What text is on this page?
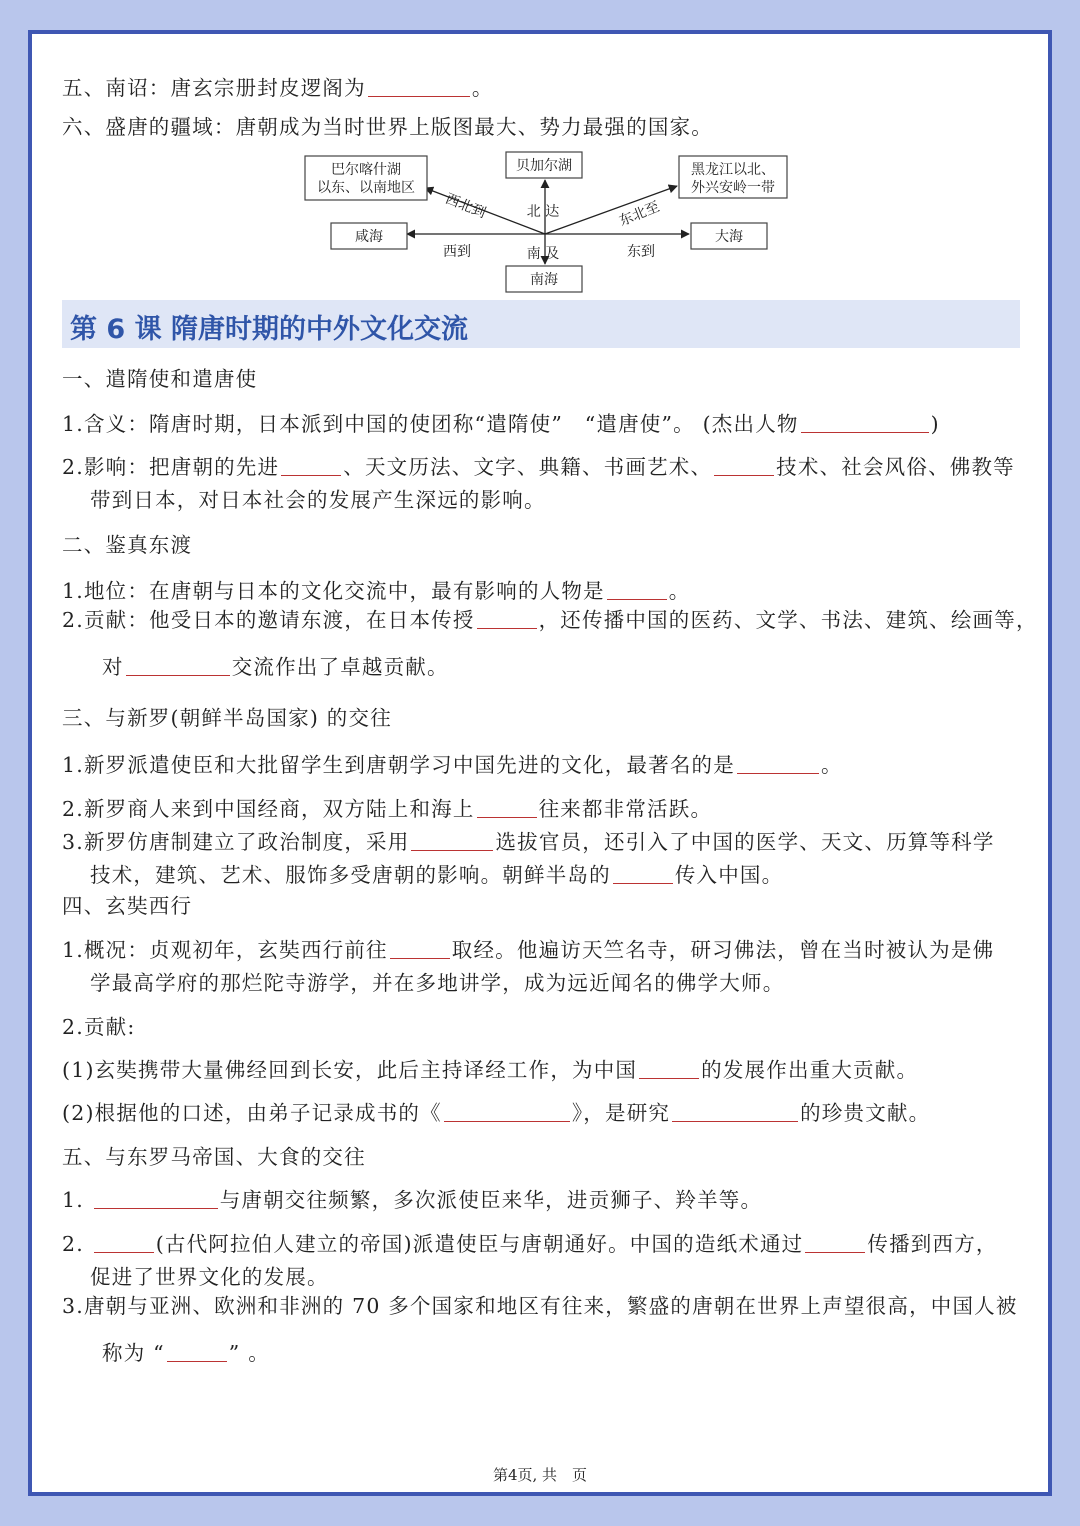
五、南诏：唐玄宗册封皮逻阁为	。
六、盛唐的疆域：唐朝成为当时世界上版图最大、势力最强的国家。
巴尔喀什湖
以东、以南地区
贝加尔湖	黑龙江以北、
外兴安岭一带
咸海	大海
南海
西北到	北 达	东北至
西到	南 及	东到
第 6 课 隋唐时期的中外文化交流
一、遣隋使和遣唐使
1.含义：隋唐时期，日本派到中国的使团称“遣隋使”　“遣唐使”。 (杰出人物	)
2.影响：把唐朝的先进	、天文历法、文字、典籍、书画艺术、	技术、社会风俗、佛教等
带到日本，对日本社会的发展产生深远的影响。
二、鉴真东渡
1.地位：在唐朝与日本的文化交流中，最有影响的人物是	。
2.贡献：他受日本的邀请东渡，在日本传授	，还传播中国的医药、文学、书法、建筑、绘画等，
对	交流作出了卓越贡献。
三、与新罗(朝鲜半岛国家) 的交往
1.新罗派遣使臣和大批留学生到唐朝学习中国先进的文化，最著名的是	。
2.新罗商人来到中国经商，双方陆上和海上	往来都非常活跃。
3.新罗仿唐制建立了政治制度，采用	选拔官员，还引入了中国的医学、天文、历算等科学
技术，建筑、艺术、服饰多受唐朝的影响。朝鲜半岛的	传入中国。
四、玄奘西行
1.概况：贞观初年，玄奘西行前往	取经。他遍访天竺名寺，研习佛法，曾在当时被认为是佛
学最高学府的那烂陀寺游学，并在多地讲学，成为远近闻名的佛学大师。
2.贡献:
(1)玄奘携带大量佛经回到长安，此后主持译经工作，为中国	的发展作出重大贡献。
(2)根据他的口述，由弟子记录成书的《	》，是研究	的珍贵文献。
五、与东罗马帝国、大食的交往
1.	与唐朝交往频繁，多次派使臣来华，进贡狮子、羚羊等。
2.	(古代阿拉伯人建立的帝国)派遣使臣与唐朝通好。中国的造纸术通过	传播到西方，
促进了世界文化的发展。
3.唐朝与亚洲、欧洲和非洲的 70 多个国家和地区有往来，繁盛的唐朝在世界上声望很高，中国人被
称为 “	” 。
第4页, 共　页
